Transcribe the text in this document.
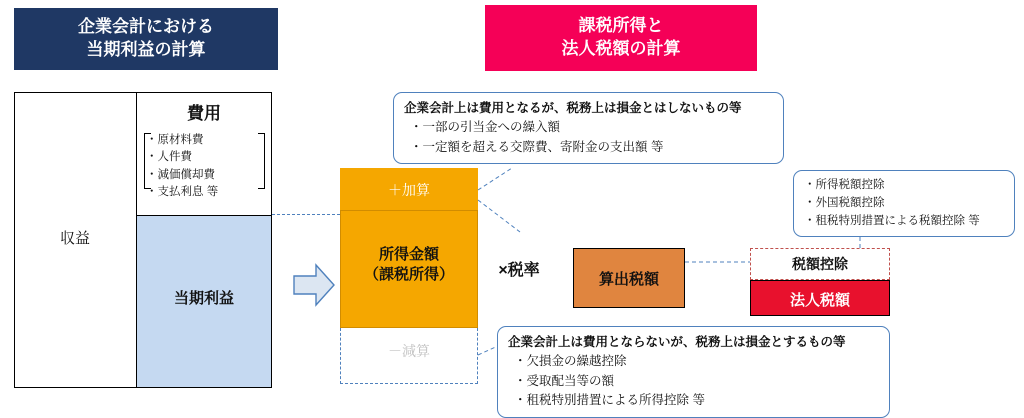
企業会計における
当期利益の計算
課税所得と
法人税額の計算
費用
・原材料費
・人件費
・減価償却費
・支払利息 等
収益
当期利益
＋加算
所得金額
（課税所得）
－減算
×税率
算出税額
税額控除
法人税額
企業会計上は費用となるが、税務上は損金とはしないもの等
・一部の引当金への繰入額
・一定額を超える交際費、寄附金の支出額 等
企業会計上は費用とならないが、税務上は損金とするもの等
・欠損金の繰越控除
・受取配当等の額
・租税特別措置による所得控除 等
・所得税額控除
・外国税額控除
・租税特別措置による税額控除 等
